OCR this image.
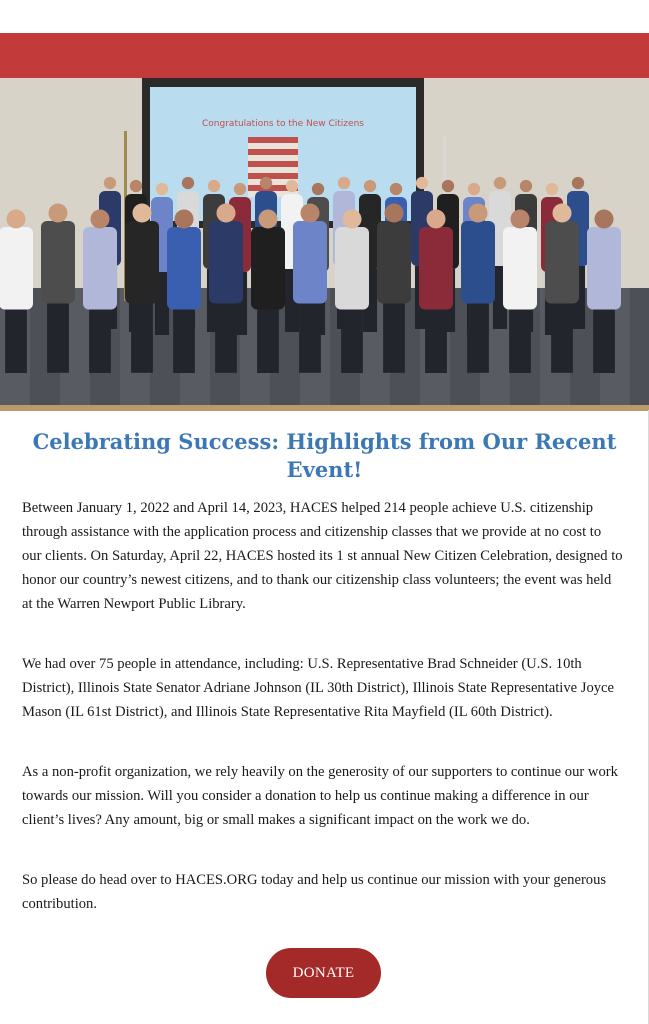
Congratulations to the New Citizens
Celebrating Success: Highlights from Our Recent Event!

Between January 1, 2022 and April 14, 2023, HACES helped 214 people achieve U.S. citizenship through assistance with the application process and citizenship classes that we provide at no cost to our clients. On Saturday, April 22, HACES hosted its 1 st annual New Citizen Celebration, designed to honor our country’s newest citizens, and to thank our citizenship class volunteers; the event was held at the Warren Newport Public Library.

We had over 75 people in attendance, including: U.S. Representative Brad Schneider (U.S. 10th District), Illinois State Senator Adriane Johnson (IL 30th District), Illinois State Representative Joyce Mason (IL 61st District), and Illinois State Representative Rita Mayfield (IL 60th District).

As a non-profit organization, we rely heavily on the generosity of our supporters to continue our work towards our mission. Will you consider a donation to help us continue making a difference in our client’s lives? Any amount, big or small makes a significant impact on the work we do.

So please do head over to HACES.ORG today and help us continue our mission with your generous contribution.

DONATE
